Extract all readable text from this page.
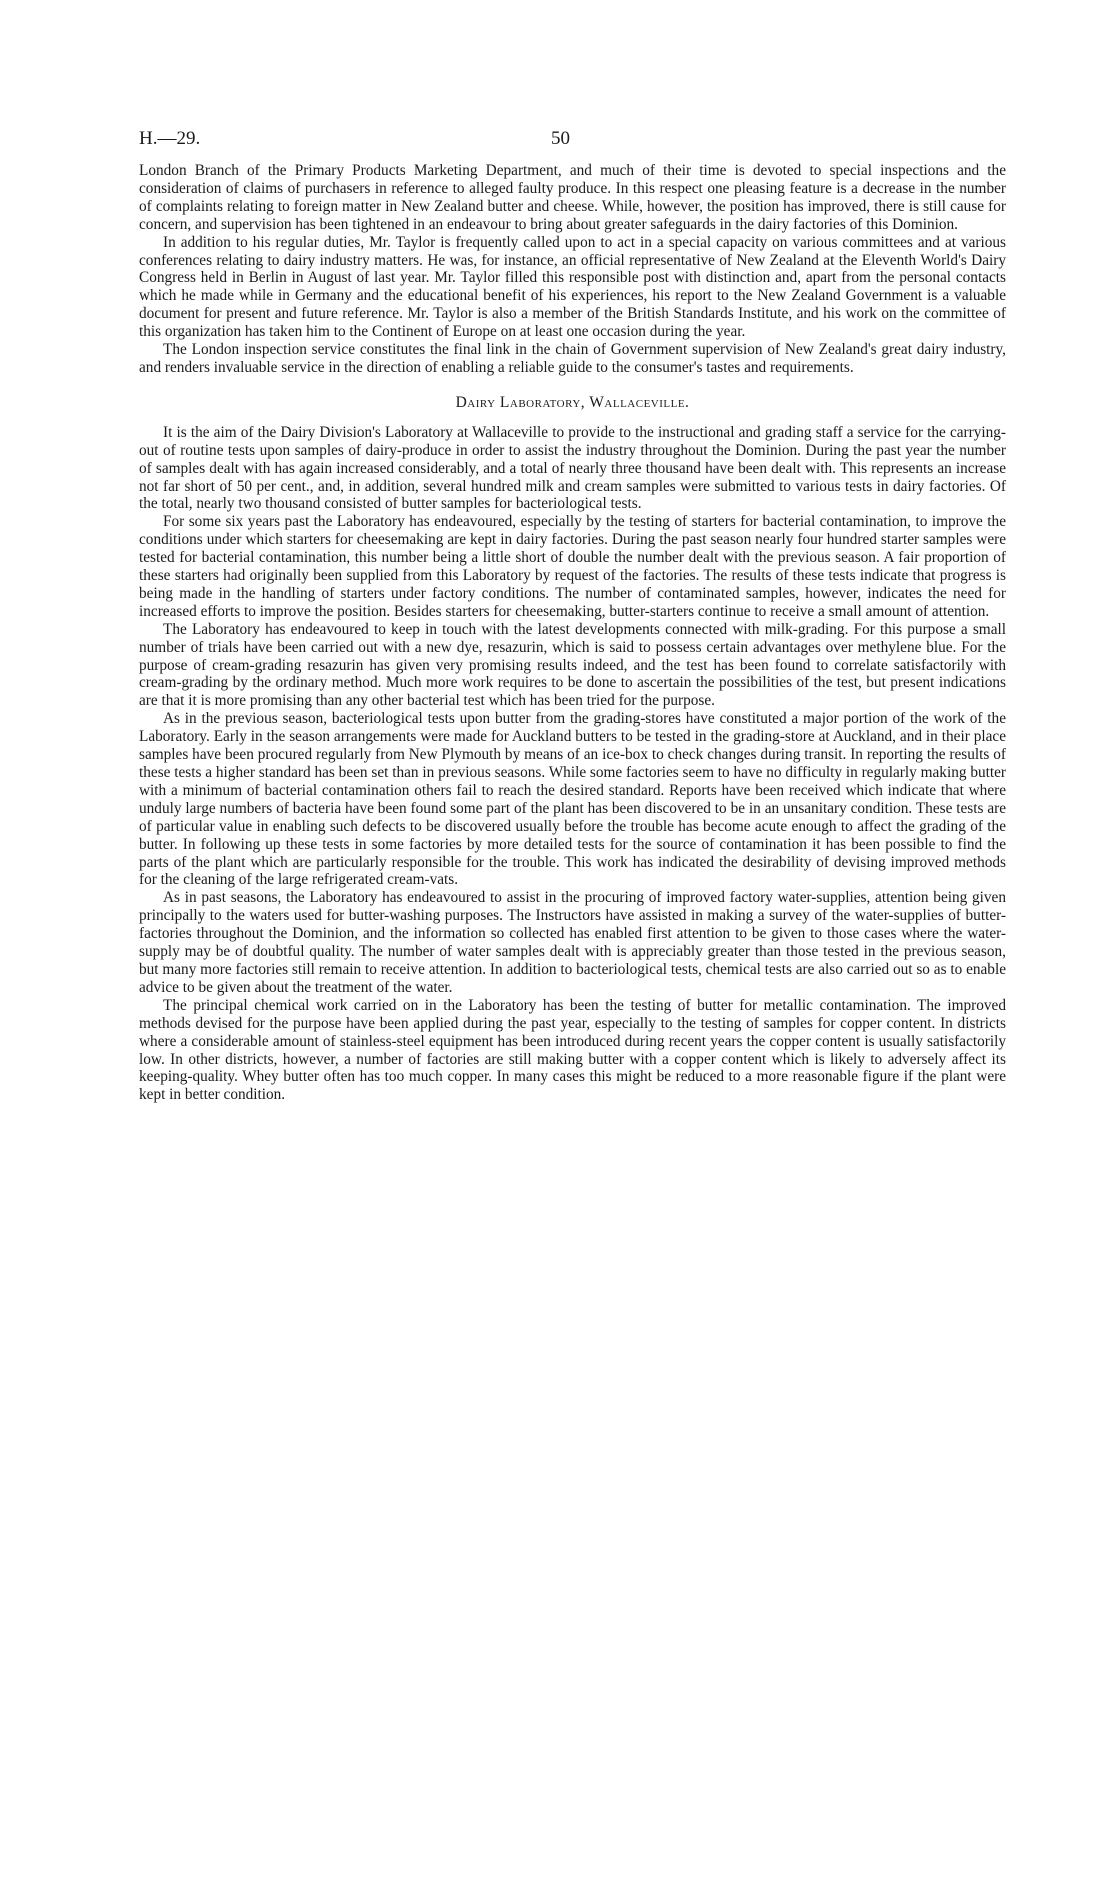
H.—29.	50

London Branch of the Primary Products Marketing Department, and much of their time is devoted to special inspections and the consideration of claims of purchasers in reference to alleged faulty produce. In this respect one pleasing feature is a decrease in the number of complaints relating to foreign matter in New Zealand butter and cheese. While, however, the position has improved, there is still cause for concern, and supervision has been tightened in an endeavour to bring about greater safeguards in the dairy factories of this Dominion.

In addition to his regular duties, Mr. Taylor is frequently called upon to act in a special capacity on various committees and at various conferences relating to dairy industry matters. He was, for instance, an official representative of New Zealand at the Eleventh World's Dairy Congress held in Berlin in August of last year. Mr. Taylor filled this responsible post with distinction and, apart from the personal contacts which he made while in Germany and the educational benefit of his experiences, his report to the New Zealand Government is a valuable document for present and future reference. Mr. Taylor is also a member of the British Standards Institute, and his work on the committee of this organization has taken him to the Continent of Europe on at least one occasion during the year.

The London inspection service constitutes the final link in the chain of Government supervision of New Zealand's great dairy industry, and renders invaluable service in the direction of enabling a reliable guide to the consumer's tastes and requirements.

Dairy Laboratory, Wallaceville.

It is the aim of the Dairy Division's Laboratory at Wallaceville to provide to the instructional and grading staff a service for the carrying-out of routine tests upon samples of dairy-produce in order to assist the industry throughout the Dominion. During the past year the number of samples dealt with has again increased considerably, and a total of nearly three thousand have been dealt with. This represents an increase not far short of 50 per cent., and, in addition, several hundred milk and cream samples were submitted to various tests in dairy factories. Of the total, nearly two thousand consisted of butter samples for bacteriological tests.

For some six years past the Laboratory has endeavoured, especially by the testing of starters for bacterial contamination, to improve the conditions under which starters for cheesemaking are kept in dairy factories. During the past season nearly four hundred starter samples were tested for bacterial contamination, this number being a little short of double the number dealt with the previous season. A fair proportion of these starters had originally been supplied from this Laboratory by request of the factories. The results of these tests indicate that progress is being made in the handling of starters under factory conditions. The number of contaminated samples, however, indicates the need for increased efforts to improve the position. Besides starters for cheesemaking, butter-starters continue to receive a small amount of attention.

The Laboratory has endeavoured to keep in touch with the latest developments connected with milk-grading. For this purpose a small number of trials have been carried out with a new dye, resazurin, which is said to possess certain advantages over methylene blue. For the purpose of cream-grading resazurin has given very promising results indeed, and the test has been found to correlate satisfactorily with cream-grading by the ordinary method. Much more work requires to be done to ascertain the possibilities of the test, but present indications are that it is more promising than any other bacterial test which has been tried for the purpose.

As in the previous season, bacteriological tests upon butter from the grading-stores have constituted a major portion of the work of the Laboratory. Early in the season arrangements were made for Auckland butters to be tested in the grading-store at Auckland, and in their place samples have been procured regularly from New Plymouth by means of an ice-box to check changes during transit. In reporting the results of these tests a higher standard has been set than in previous seasons. While some factories seem to have no difficulty in regularly making butter with a minimum of bacterial contamination others fail to reach the desired standard. Reports have been received which indicate that where unduly large numbers of bacteria have been found some part of the plant has been discovered to be in an unsanitary condition. These tests are of particular value in enabling such defects to be discovered usually before the trouble has become acute enough to affect the grading of the butter. In following up these tests in some factories by more detailed tests for the source of contamination it has been possible to find the parts of the plant which are particularly responsible for the trouble. This work has indicated the desirability of devising improved methods for the cleaning of the large refrigerated cream-vats.

As in past seasons, the Laboratory has endeavoured to assist in the procuring of improved factory water-supplies, attention being given principally to the waters used for butter-washing purposes. The Instructors have assisted in making a survey of the water-supplies of butter-factories throughout the Dominion, and the information so collected has enabled first attention to be given to those cases where the water-supply may be of doubtful quality. The number of water samples dealt with is appreciably greater than those tested in the previous season, but many more factories still remain to receive attention. In addition to bacteriological tests, chemical tests are also carried out so as to enable advice to be given about the treatment of the water.

The principal chemical work carried on in the Laboratory has been the testing of butter for metallic contamination. The improved methods devised for the purpose have been applied during the past year, especially to the testing of samples for copper content. In districts where a considerable amount of stainless-steel equipment has been introduced during recent years the copper content is usually satisfactorily low. In other districts, however, a number of factories are still making butter with a copper content which is likely to adversely affect its keeping-quality. Whey butter often has too much copper. In many cases this might be reduced to a more reasonable figure if the plant were kept in better condition.
